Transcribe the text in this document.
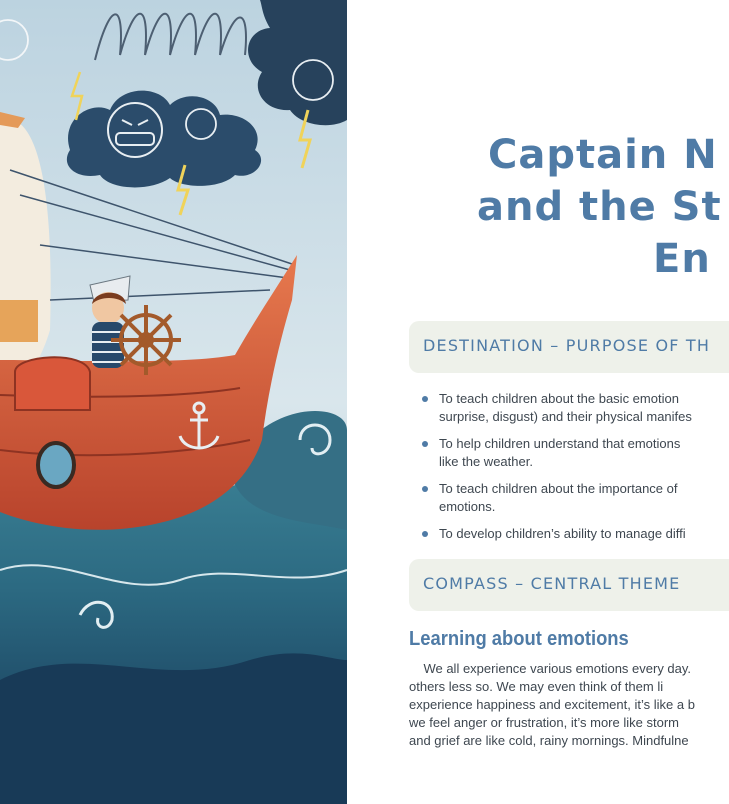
Captain N
and the St
En
DESTINATION – PURPOSE OF TH
To teach children about the basic emotion
surprise, disgust) and their physical manifes
To help children understand that emotions
like the weather.
To teach children about the importance of
emotions.
To develop children’s ability to manage diffi
COMPASS – CENTRAL THEME
Learning about emotions
We all experience various emotions every day.
others less so. We may even think of them li
experience happiness and excitement, it’s like a b
we feel anger or frustration, it’s more like storm
and grief are like cold, rainy mornings. Mindfulne
